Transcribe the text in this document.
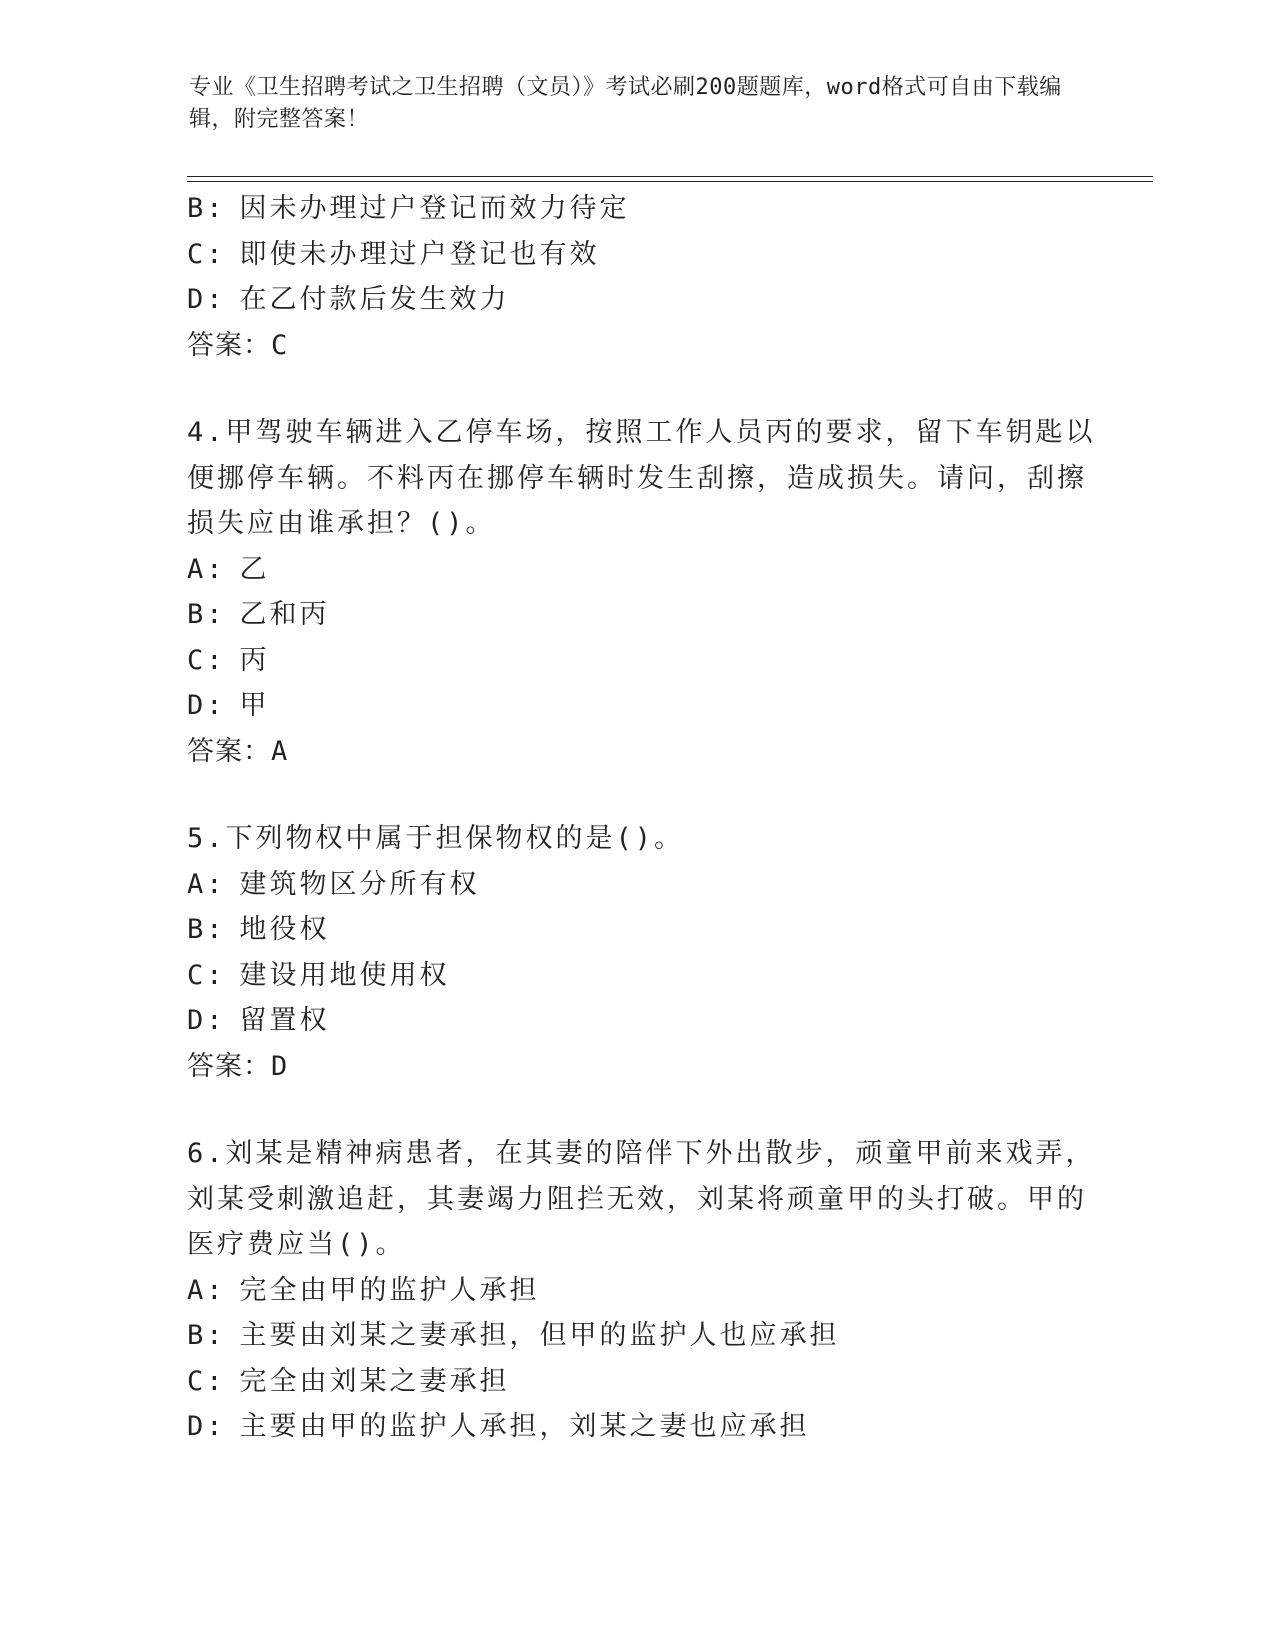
专业《卫生招聘考试之卫生招聘（文员）》考试必刷200题题库，word格式可自由下载编辑，附完整答案！
B: 因未办理过户登记而效力待定
C: 即使未办理过户登记也有效
D: 在乙付款后发生效力
答案：C
4.甲驾驶车辆进入乙停车场，按照工作人员丙的要求，留下车钥匙以
便挪停车辆。不料丙在挪停车辆时发生刮擦，造成损失。请问，刮擦
损失应由谁承担？()。
A: 乙
B: 乙和丙
C: 丙
D: 甲
答案：A
5.下列物权中属于担保物权的是()。
A: 建筑物区分所有权
B: 地役权
C: 建设用地使用权
D: 留置权
答案：D
6.刘某是精神病患者，在其妻的陪伴下外出散步，顽童甲前来戏弄，
刘某受刺激追赶，其妻竭力阻拦无效，刘某将顽童甲的头打破。甲的
医疗费应当()。
A: 完全由甲的监护人承担
B: 主要由刘某之妻承担，但甲的监护人也应承担
C: 完全由刘某之妻承担
D: 主要由甲的监护人承担，刘某之妻也应承担
